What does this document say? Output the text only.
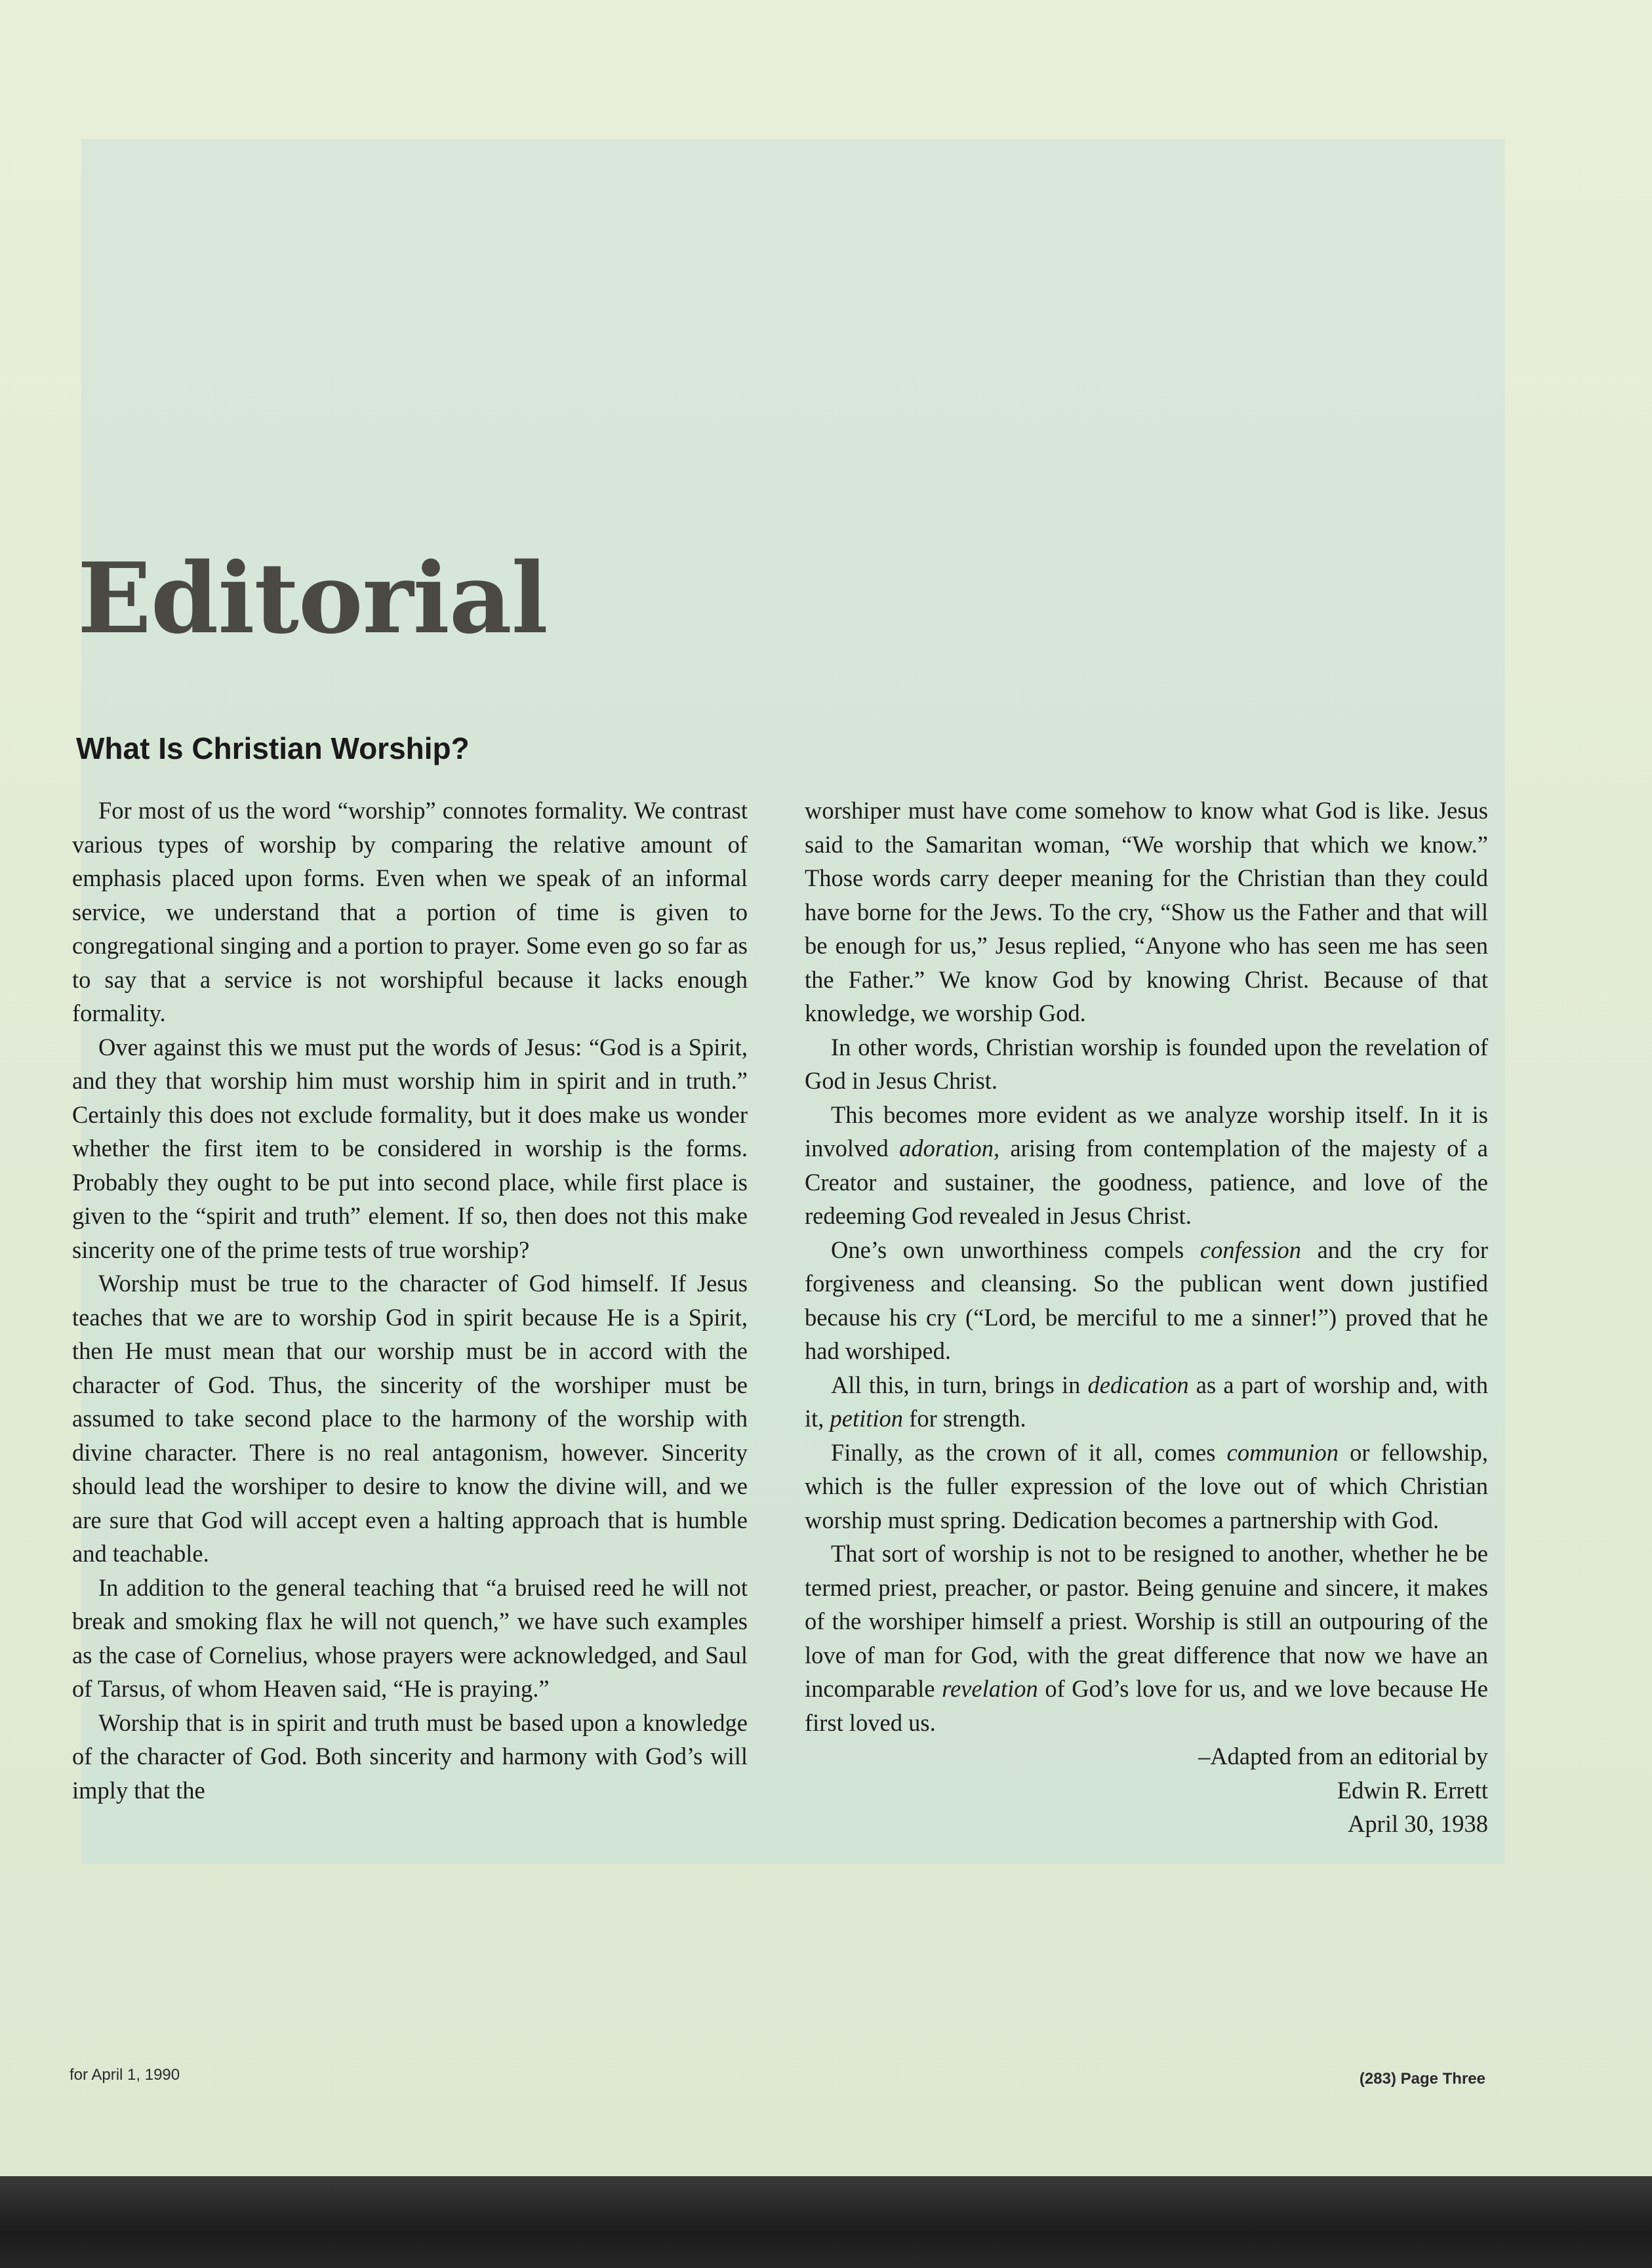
Editorial
What Is Christian Worship?

For most of us the word “worship” connotes formality. We contrast various types of worship by comparing the relative amount of emphasis placed upon forms. Even when we speak of an informal service, we understand that a portion of time is given to congregational singing and a portion to prayer. Some even go so far as to say that a service is not worshipful because it lacks enough formality.

Over against this we must put the words of Jesus: “God is a Spirit, and they that worship him must worship him in spirit and in truth.” Certainly this does not exclude formality, but it does make us wonder whether the first item to be considered in worship is the forms. Probably they ought to be put into second place, while first place is given to the “spirit and truth” element. If so, then does not this make sincerity one of the prime tests of true worship?

Worship must be true to the character of God himself. If Jesus teaches that we are to worship God in spirit because He is a Spirit, then He must mean that our worship must be in accord with the character of God. Thus, the sincerity of the worshiper must be assumed to take second place to the harmony of the worship with divine character. There is no real antagonism, however. Sincerity should lead the worshiper to desire to know the divine will, and we are sure that God will accept even a halting approach that is humble and teachable.

In addition to the general teaching that “a bruised reed he will not break and smoking flax he will not quench,” we have such examples as the case of Cornelius, whose prayers were acknowledged, and Saul of Tarsus, of whom Heaven said, “He is praying.”

Worship that is in spirit and truth must be based upon a knowledge of the character of God. Both sincerity and harmony with God’s will imply that the

worshiper must have come somehow to know what God is like. Jesus said to the Samaritan woman, “We worship that which we know.” Those words carry deeper meaning for the Christian than they could have borne for the Jews. To the cry, “Show us the Father and that will be enough for us,” Jesus replied, “Anyone who has seen me has seen the Father.” We know God by knowing Christ. Because of that knowledge, we worship God.

In other words, Christian worship is founded upon the revelation of God in Jesus Christ.

This becomes more evident as we analyze worship itself. In it is involved adoration, arising from contemplation of the majesty of a Creator and sustainer, the goodness, patience, and love of the redeeming God revealed in Jesus Christ.

One’s own unworthiness compels confession and the cry for forgiveness and cleansing. So the publican went down justified because his cry (“Lord, be merciful to me a sinner!”) proved that he had worshiped.

All this, in turn, brings in dedication as a part of worship and, with it, petition for strength.

Finally, as the crown of it all, comes communion or fellowship, which is the fuller expression of the love out of which Christian worship must spring. Dedication becomes a partnership with God.

That sort of worship is not to be resigned to another, whether he be termed priest, preacher, or pastor. Being genuine and sincere, it makes of the worshiper himself a priest. Worship is still an outpouring of the love of man for God, with the great difference that now we have an incomparable revelation of God’s love for us, and we love because He first loved us.

–Adapted from an editorial by
Edwin R. Errett
April 30, 1938
for April 1, 1990	(283) Page Three
